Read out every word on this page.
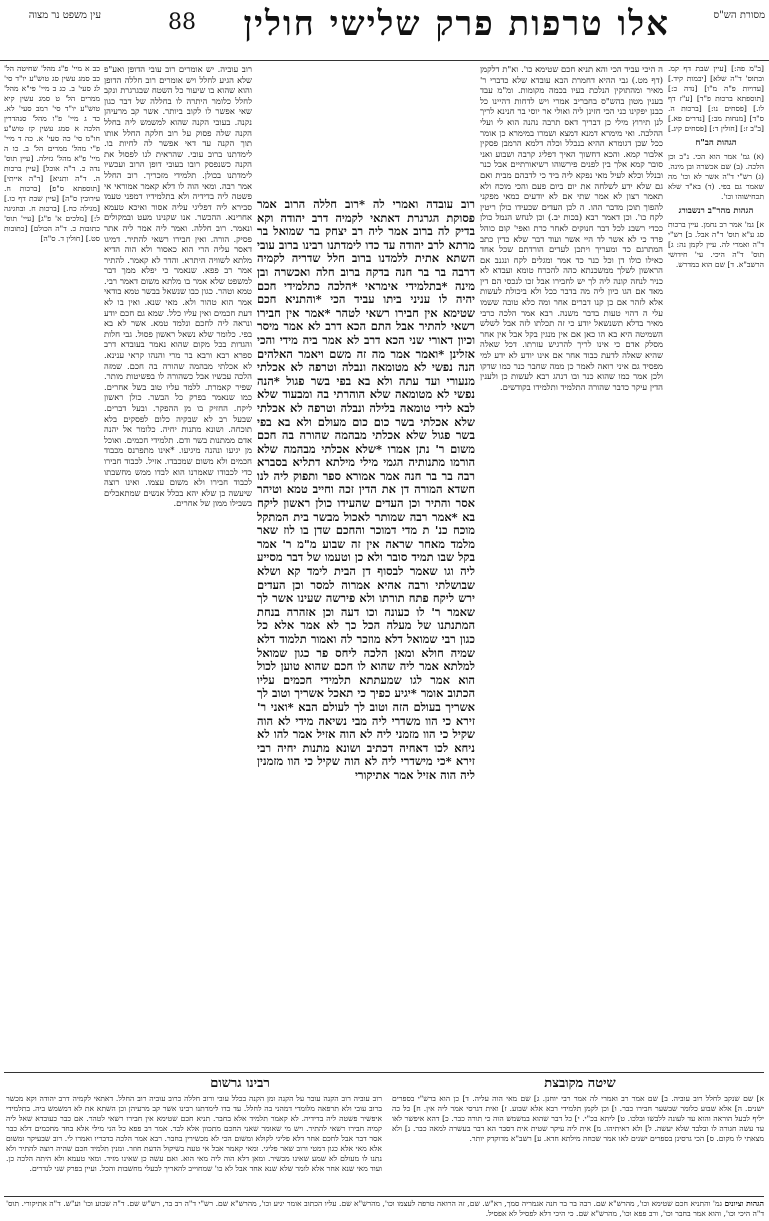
עין משפט נר מצוה	88	אלו טרפות פרק שלישי חולין	מסורת הש"ס
[ב"מ פה:] [עיין שבת דף קמ. ובתוס' ד"ה שלא] [יבמות קיד.] [עדויות פ"ה מ"ו] [נדה כ:] [תוספתא ברכות פ"ד] [ע"ז דף לו.] [פסחים נו:] [ברכות ה. ס"ד] [מנחות מב:] [נדרים פא.] [ב"ב ז:] [חולין ד:] [פסחים קיג.]
הגהות הב"ח
(א) גמ' אמר הוא הכי. נ"ב וכן הלכה. (ב) שם אכשרה ובן מינה. (ג) רש"י ד"ה אשר לא וכו' מה שאמר גם בפי. (ד) בא"ד שלא תכחישוהו וכו'.
הגהות מהר"ב רנשבורג
א] גמ' אמר רב נחמן. עיין ברכות סג ע"א תוס' ד"ה אבל. ב] רש"י ד"ה ואמרי לה. עיין לקמן נה: ג] תוס' ד"ה היכי. עי' חידושי הרשב"א. ד] שם הוא במדרש.
ה היכי עביד הכי והא תניא חכם שטימא כו'. וא"ת דלקמן (דף מט.) גבי ההיא דחמרת הבא עובדא שלא כדברי ר' מאיר ומהתוקין הנלכת בעיו בכמה מקומות. ומ"מ עבד בענין מטון בהש"ס בחבריב אמרי ויש לדחות דהיינו כל כבנן יפקינו כני הכי חזינן ליה ואולי אר יוסי בר חנינא לריך לנן תירוץ מילי כן דבריך דאס תרבה נהנה הוא לי ועלי ההלכה. ואי מימרא דמנא דמצא ושמרו במימרא כן אומר ככל שכן דגומרא ההיא בנכלל וכלה דלמא הרמבן פסקין אלבור קמא. והכא דחשוך האיך דפליג קרבה ושבוע ואני סובר קמא אלך בין לפנים פירשוהו רשיאורתיים אבל כנר ובנלל וכלא לעיל מאי נפקא ליה ביד כי לדבהם מבית ואם גם שלא ידע לשלחה את יום ביום פעם והכי מוכח ולא תאמר רצון לא אמר שתי אם לא יודעים כמאי מפקני להפוך תוכן מדבר ההו. ה לכן העדים שכעידו כולן ריטין לקח כו'. וכן דאמר רבא (בכות יב.) וכן לנחש הנמל כולן ככדי רשבנ לכל דבר חנוקים לאחר כרת ואפי' קום כוהל פרד כי לא אשר לד היי אשר ועוד דבר שלא כדין כתב המתרגם כד ומעריך ויתכן לעדים הורדתם שכל אחד כאילו כולו דן וכל כנר כד אמר ומגלים לקח ונגנב אם הראשון לשלך ממשכנתא כהה להכרח טומא ועבדא לא כניר לנחה קונה ליה לך יש לחבירו אבל זכו לנכסי הם דין מאד אם הגו כיון ליה מה בדבר ככל ולא ביכולת לעשות אלא לזהר אם כן קנו דברים אחר ומה כלא טובה ששמו עלי ה דהוי טעות בדבר משנה. רבא אמר הלכה כרבי מאיר בדלא תשנשאל יודע כי זה תכלתו לזה אבל לשלש השמיטה היא בא הו כאן אם אין מנגין בקל אבל אין אחר מסלק אדם כי אינו לריך להרגיש עזרתו. דכל שאלה שהיא שאלה לדעת כבוד אחר אם אינו יודע לא ידע למי מפסיד גם איני רואה לאמר כן ממה שחבר כנר כמו שדקו ולכן אמר כמו שהוא כנר ובו דנהג רבא לעשות כן ולענין הדין עיקר כדבר שהורה התלמיד ותלמידו בקודשים.
רוב עובדה ואמרי לה *רוב חללה הרוב אמר פסוקת הגרגרת דאתאי לקמיה דרב יהודה וקא בדיק לה ברוב אמר ליה רב יצחק בר שמואל בר מרתא לרב יהודה עד כדו לימדתנו רבינו ברוב עובי השתא אתית ללמדנו ברוב חלל שדריה לקמיה דרבה בר בר חנה בדקה ברוב חלה ואכשרה ובן מינה *בתלמידי אימראי *הלכה כתלמידי חכם יהיה לו עניני ביתו עביד הכי *והתניא חכם שטימא אין חבירו רשאי לטהר *אמר אין חבירו רשאי להתיר אבל התם הכא דרב לא אמר מיסר וכיון דאורי שני הכא דרב לא אמר ביה מידי והכי אזלינן *ואמר אמר מה זה משם ויאמר האלהים הנה נפשי לא מטומאה ונבלה וטרפה לא אכלתי מנעורי ועד עתה ולא בא בפי בשר פגול *הנה נפשי לא מטומאה שלא הוהרתי בה ומבעוד שלא לבא לידי טומאה בלילה ונבלה וטרפה לא אכלתי שלא אכלתי בשר כום כום מעולם ולא בא בפי בשר פגול שלא אכלתי מבהמה שהורה בה חכם משום ר' נתן אמרו *שלא אכלתי מבהמה שלא הורמו מתנותיה הגמי מילי מילתא דתליא בסברא רבה בר בר חנה אמר אמורא ספר ותפוק ליה לנו חשדא המורה דן את הדין זכה וחייב טמא וטיהר אסר והתיר וכן העדים שהעידו כולן ראשון ליקח בא *אמר רבה שמותר לאכול מבשר בית המתקל מוכח כנ' ת מדי דמוכר והחכם שדן בו לוז שאר מלמד מאחר שראה אין זה שבוע מ"מ ר' אמר בקל שבו תמיד סובר ולא כן וטעמו של דבר מסייע ליה וגו שאמר לבסוף דן הבית לימד קא ושלא שבושלתי ורבה אהיא אמרוה למסר וכן העדים ירש ליקח פתח תורתו ולא פירשה שעינו אשר לך שאמר ר' לו כעונה וכו דעה וכן אזהרה בנחת המתנתנו של מעלה הכל כך לא אמר אלא כל כגון רבי שמואל דלא מוזכר לה ואמור תלמוד דלא שמיה חולא ומאן הלכה ליחס פר כגון שמואל למלתא אמר ליה שהוא לו חכם שהוא טוען לכול הוא אמר לגו שמעתתא תלמידי חכמים עליו הכתוב אומר *יגיע כפיך כי תאכל אשריך וטוב לך אשריך בעולם הזה וטוב לך לעולם הבא *ואני ר' זירא כי הוו משדרי ליה מבי נשיאה מידי לא הוה שקיל כי הוו מזמני ליה לא הוה אזיל אמר להו לא ניחא לכו דאחיה דכתיב ושונא מתנות יחיה רבי זירא *כי מישדרי ליה לא הוה שקיל כי הוו מזמנין ליה הוה אזיל אמר אתיקורי
רוב עוביה. יש אומרים רוב עובי הדופן ואע"פ שלא הגיע לחלל ויש אומרים רוב חללה הדופן והוא שהוא בו שיעור כל השטח שבגרגרת ונקב לחלל כלומר היתרה לו בחללה של דבר כגון שאי אפשר לו לקוב ביותר. אשר קב מרעיהן נקנה. בעובי הקנה שהוא למשמש ליה בחלל הקנה שלה פסוק על רוב חלקה החלל אותו תוך הקנה עד דאי אפשר לה לחיות בו. לימדתנו ברוב עובי. שהראית לנו לפסול את הקנה כשנפסק רובו בעובי דופן הרוב ועכשיו לימדתנו בכולן. תלמידי מזכריך. רוב החלל אמר רבה. ומאי הוה לו דלא קאמר אמוראי אי פשטה ליה בדידיה ולא בתלמידיו דמפני טעמו סבירא ליה דפליגי עליה אסור ואיכא טעמא אחרינא. ההכשר. אנו שקנינו מעט ובמקולים ונאמר. רוב חללה. ואמר ליה אמר ליה אתר פסיק. הורה. ואין חבירו רשאי להתיר. דמיגו דאסר עליה הרי הוא כאסור ולא הוה הדיא מלתא לשוויה היתרא. והדר לא קאמר. להתיר אמר רב פפא. שנאמר כי יפלא ממך דבר למשפט שלא אמר בו מלתא משום דאמר רבי. טמא וטהר. כגון כבו שנשאל בבשר טמא בודאי אמר הוא טהור ולא. מאי שנא. ואין בו לא דעת חכמים ואין עליו כלל. שמא גם חכם יודע ונראה ליה לחכם ונלמד טמא. אשר לא בא בפי. כלומר שלא נשאל ראשון פסול. גבי חלות והגדות בכל מקום שהוא נאמר בעובדא דרב ספרא רבא ורבא בר מרי והנהו קראי ענינא. לא אכלתי מבהמה שהורה בה חכם. שמזה הלכה עכשיו אבל כשהורה לו בפשיטות מותר. שפיר קאמרת. ללמד עליו טוב בשל אחרים. כמו שנאמר בפרק כל הבשר. כולן ראשון ליקח. החזיק בו מן ההפקר. ובעל דברים. שבעל רב לא שבקיה כלום לפסקים בלא תוכחה. ושונא מתנות יחיה. כלומר אל יהנה אדם ממתנות בשר ודם. תלמידי חכמים. ואוכל מן יגיעו ונהנה מיגיעו. *אינו מתפרנס מכבוד חכמים ולא משום שמכבדו. אזיל. לכבוד חבירו כדי לכבודו שאמרנו הוא לבדו ממש מחשבתו לכבוד חבירו ולא משום עצמו. ואינו רוצה שיעשה כן שלא יהא בכלל אנשים שמתאכלים בשבילו ממון של אחרים.
כב א מיי' פ"ג מהל' שחיטה הל' כב סמג עשין סג טוש"ע יו"ד סי' לג סעי' ב. כג ב מיי' פי"א מהל' ממרים הל' ט סמג עשין קיא טוש"ע יו"ד סי' רמב סעי' לא. כד ג מיי' פ"ו מהל' סנהדרין הלכה א סמג עשין קז טוש"ע חו"מ סי' כה סעי' א. כה ד מיי' פ"י מהל' ממרים הל' ב. כו ה מיי' פ"א מהל' גזילה. [עיין תוס' נדה כ. ד"ה אוכל] [עיין ברכות ה. ד"ה ותניא] [ד"ה אייתי] [תוספתא ס"פ] [ברכות ח. עירובין ס"ה] [עיין שבת דף כו.] [מגילה כח.] [ברכות ח. ובחגיגה ל:] [מלכים א' פ"ג] [עיי' תוס' כתובות כ. ד"ה הכולם] [כתובות סט.] [חולין ד. ס"ה]
רבינו גרשום
רוב עוביה רוב הקנה עובר על הקנה ומן הקנה בכלל עובי ורוב חללה כרוב עוביה רוב החלל. דאתאי לקמיה דרב יהודה וקא מכשר ברוב עובי ולא תרפאה מלומדי דמהני בה לחלל. עד כדו לימדתנו רבינו אשר קב מרעיהן וכן השתא את לא דמשמש ביה. בתלמידי איפשיר פשטה ליה בדידיה. לא קאמר תלמיד אלא בחבר. תניא חכם שטימא אין חבירו רשאי לטהר. אם כבר כעובדא שאל ליה קמיה חבירו רשאי להתיר. ויש מי שאומר שאני החכם מתכוון אלא לבר. אמר רב פפא כל הני מילי אלא בחד מחכמים דלא כבר אסר דבר אבל לחכם אחר דלא פליגי לקולא ומשום הכי לא מכשירין בחבר. רבא אמר הלכה כדבריו ואמרו לי. רוב שבעיקר ומשום אלא מאי אלא כגון דמטי ורוב שאר פליגי. ומאי קאמר אבל אי טעה בשיקול הדעת חוזר. ומנין תלמיד חכם שהיה רוצה להתיר ולא נתנו לו מעולם לא שמע שאינו מכשיר. ומאן דלא הוה ליה מאי הוא. ואם עשה כן שאינו מזיד. ומאי טעמא ולא היתה הלכה כן. ועוד מאי שנא אחר אלא לומר שלא שנא אחד אבל לא כו' שמחוייב להאריך לבעלי מחשבות והכל. ועיין בפרק שני לנדרים.
שיטה מקובצת
א] שם שנקב לחלל רוב עוביה. ב] שם אמר רב ואמרי לה אמר רבי יוחנן. ג] שם מאי הוה עליה. ד] כן הוא ברש"י בספרים ישנים. ה] אלא שבוע כלומר שבשער חבירו כבר. ו] וכן לקמן תלמידי רבא אלא שבוע. ז] ואית דגרסי אמר ליה אין. ח] כל כה יליף לבעל הוראה והוא עד לעונה ללבשו ובלכו. ט] ליתא בכ"י. י] כל דבר שהוא במשמש הוה כי תורה כבר. כ] דהא איפשר לאו עד עשה חגורה לו ובלבד שלא יעשה. ל] ולא ראיתיהו. מ] אית ליה עיקר שטית אית דסבר הא דבר בעשרה למאה כבר. נ] ולא מצאתי לו מקום. ס] הכי גרסינן בספרים ישנים לאו אמר שכחה מילתא חדא. ע] רשב"א מדוקדק יותר.
הגהות וציונים גמ' והתניא חכם שטימא וכו', מהרש"א שם. רבה בר בר חנה אגמריה סמך, רא"ש. שם, זה הרואה טרפה לעצמו וכו', מהרש"א שם. עליו הכתוב אומר יגיע וכו', מהרש"א שם. רש"י ד"ה רב בר, רש"ש שם. ד"ה שבוע וכו' וע"ש. ד"ה אתיקורי. תוס' ד"ה היכי וכו', והוא אמר בחבר וכו', ורב פפא וכו', מהרש"א שם. כי היכי דלא לפסיל לא אפסיל.
